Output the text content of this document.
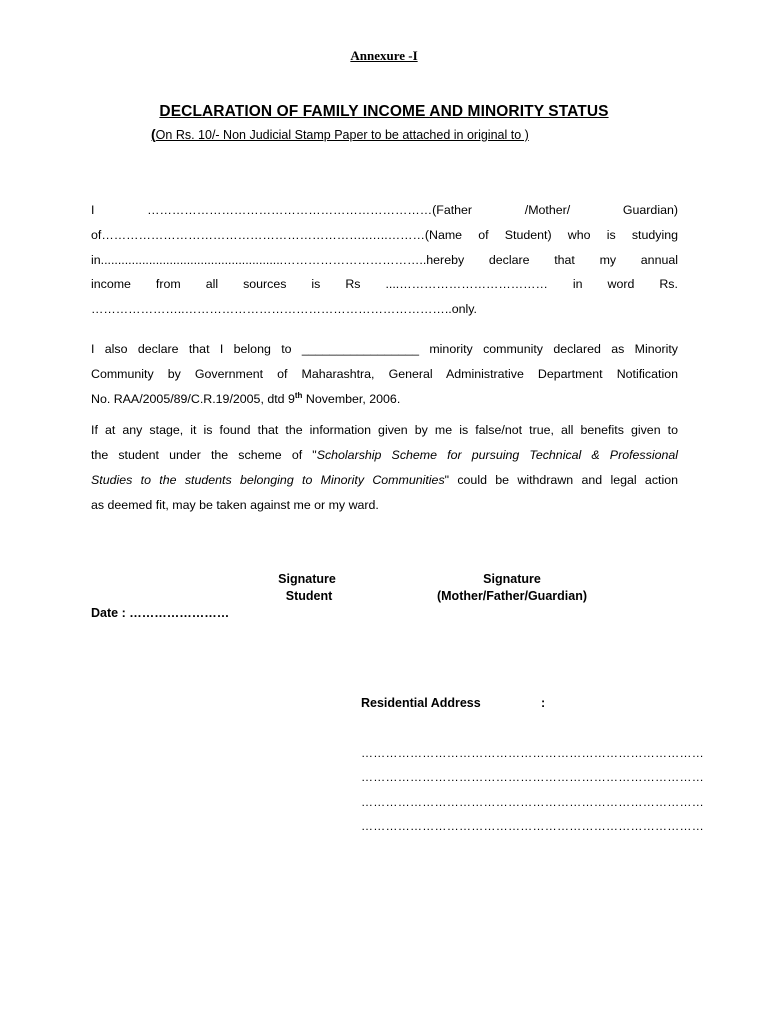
Annexure -I
DECLARATION OF FAMILY INCOME AND MINORITY STATUS
(On Rs. 10/- Non Judicial Stamp Paper to be attached in original to )
I ……………………………………………………………(Father /Mother/ Guardian)
of………………………………………………………..…..………(Name of Student) who is studying
in.....................................................……………………………..hereby declare that my annual
income from all sources is Rs ....……………………………… in word Rs.
…………………..………………………………………………………..only.
I also declare that I belong to _________________ minority community declared as Minority
Community by Government of Maharashtra, General Administrative Department Notification
No. RAA/2005/89/C.R.19/2005, dtd 9th November, 2006.
If at any stage, it is found that the information given by me is false/not true, all benefits given to
the student under the scheme of "Scholarship Scheme for pursuing Technical & Professional
Studies to the students belonging to Minority Communities" could be withdrawn and legal action
as deemed fit, may be taken against me or my ward.
Signature
Student
Signature
(Mother/Father/Guardian)
Date : ……………………
Residential Address	:
…………………………………………………………………………
…………………………………………………………………………
…………………………………………………………………………
…………………………………………………………………………
